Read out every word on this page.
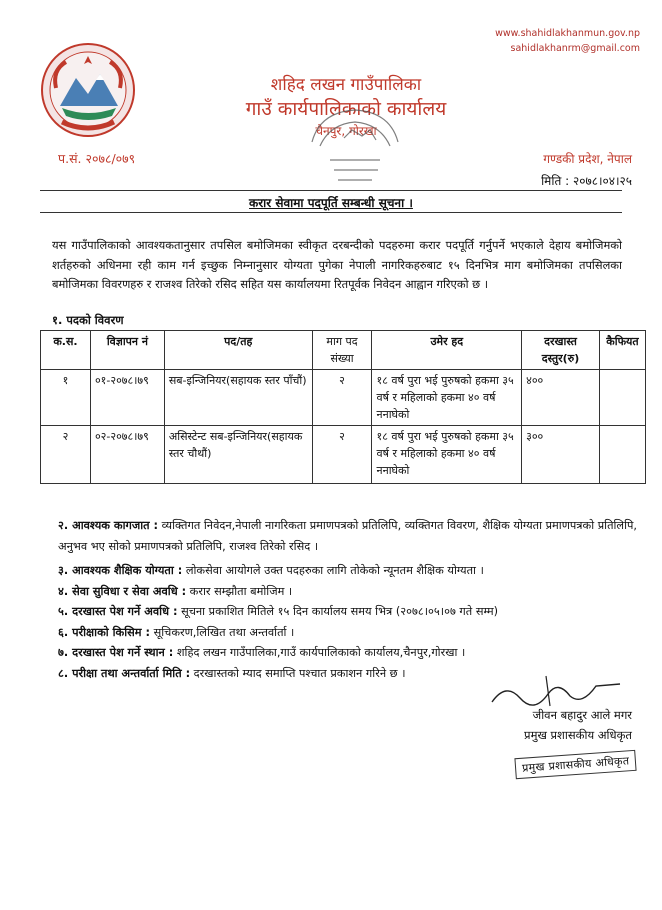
www.shahidlakhanmun.gov.np
sahidlakhanrm@gmail.com
शहिद लखन गाउँपालिका
गाउँ कार्यपालिकाको कार्यालय
चैनपुर, गोरखा
प.सं. २०७८/०७९	गण्डकी प्रदेश, नेपाल
मिति : २०७८।०४।२५
करार सेवामा पदपूर्ति सम्बन्धी सूचना ।
यस गाउँपालिकाको आवश्यकतानुसार तपसिल बमोजिमका स्वीकृत दरबन्दीको पदहरुमा करार पदपूर्ति गर्नुपर्ने भएकाले देहाय बमोजिमको शर्तहरुको अधिनमा रही काम गर्न इच्छुक निम्नानुसार योग्यता पुगेका नेपाली नागरिकहरुबाट १५ दिनभित्र माग बमोजिमका तपसिलका बमोजिमका विवरणहरु र राजश्व तिरेको रसिद सहित यस कार्यालयमा रितपूर्वक निवेदन आह्वान गरिएको छ ।
१. पदको विवरण
क.स.	विज्ञापन नं	पद/तह	माग पद संख्या	उमेर हद	दरखास्त दस्तुर(रु)	कैफियत
१	०१-२०७८।७९	सब-इन्जिनियर(सहायक स्तर पाँचौं)	२	१८ वर्ष पुरा भई पुरुषको हकमा ३५ वर्ष र महिलाको हकमा ४० वर्ष ननाघेको	४००	
२	०२-२०७८।७९	असिस्टेन्ट सब-इन्जिनियर(सहायक स्तर चौथौं)	२	१८ वर्ष पुरा भई पुरुषको हकमा ३५ वर्ष र महिलाको हकमा ४० वर्ष ननाघेको	३००	

२. आवश्यक कागजात : व्यक्तिगत निवेदन,नेपाली नागरिकता प्रमाणपत्रको प्रतिलिपि, व्यक्तिगत विवरण, शैक्षिक योग्यता प्रमाणपत्रको प्रतिलिपि, अनुभव भए सोको प्रमाणपत्रको प्रतिलिपि, राजश्व तिरेको रसिद ।

३. आवश्यक शैक्षिक योग्यता : लोकसेवा आयोगले उक्त पदहरुका लागि तोकेको न्यूनतम शैक्षिक योग्यता ।

४. सेवा सुविधा र सेवा अवधि : करार सम्झौता बमोजिम ।

५. दरखास्त पेश गर्ने अवधि : सूचना प्रकाशित मितिले १५ दिन कार्यालय समय भित्र (२०७८।०५।०७ गते सम्म)

६. परीक्षाको किसिम : सूचिकरण,लिखित तथा अन्तर्वार्ता ।

७. दरखास्त पेश गर्ने स्थान : शहिद लखन गाउँपालिका,गाउँ कार्यपालिकाको कार्यालय,चैनपुर,गोरखा ।

८. परीक्षा तथा अन्तर्वार्ता मिति : दरखास्तको म्याद समाप्ति पश्चात प्रकाशन गरिने छ ।

जीवन बहादुर आले मगर
प्रमुख प्रशासकीय अधिकृत
प्रमुख प्रशासकीय अधिकृत
